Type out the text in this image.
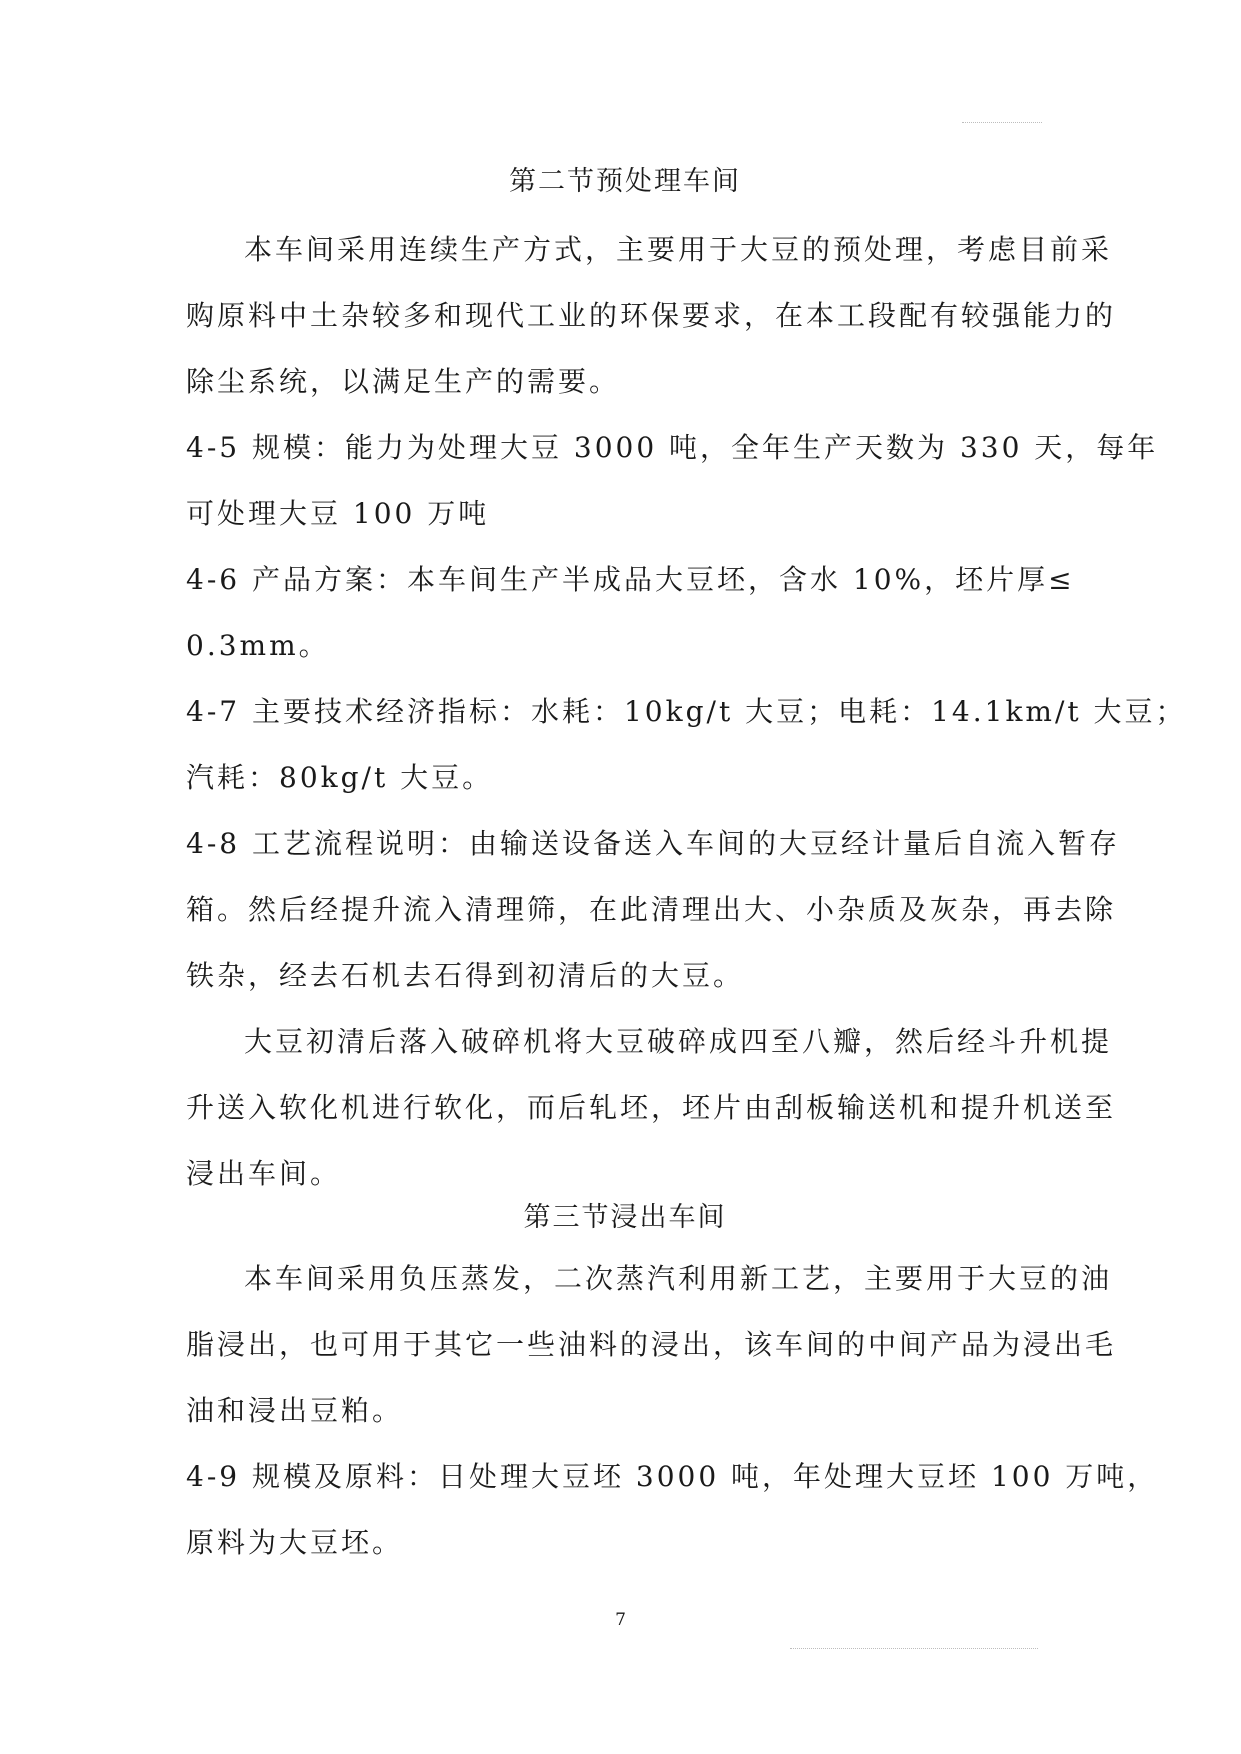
第二节预处理车间
本车间采用连续生产方式，主要用于大豆的预处理，考虑目前采
购原料中土杂较多和现代工业的环保要求，在本工段配有较强能力的
除尘系统，以满足生产的需要。
4-5 规模：能力为处理大豆 3000 吨，全年生产天数为 330 天，每年
可处理大豆 100 万吨
4-6 产品方案：本车间生产半成品大豆坯，含水 10%，坯片厚≤
0.3mm。
4-7 主要技术经济指标：水耗：10kg/t 大豆；电耗：14.1km/t 大豆；
汽耗：80kg/t 大豆。
4-8 工艺流程说明：由输送设备送入车间的大豆经计量后自流入暂存
箱。然后经提升流入清理筛，在此清理出大、小杂质及灰杂，再去除
铁杂，经去石机去石得到初清后的大豆。
大豆初清后落入破碎机将大豆破碎成四至八瓣，然后经斗升机提
升送入软化机进行软化，而后轧坯，坯片由刮板输送机和提升机送至
浸出车间。
第三节浸出车间
本车间采用负压蒸发，二次蒸汽利用新工艺，主要用于大豆的油
脂浸出，也可用于其它一些油料的浸出，该车间的中间产品为浸出毛
油和浸出豆粕。
4-9 规模及原料：日处理大豆坯 3000 吨，年处理大豆坯 100 万吨，
原料为大豆坯。
7
